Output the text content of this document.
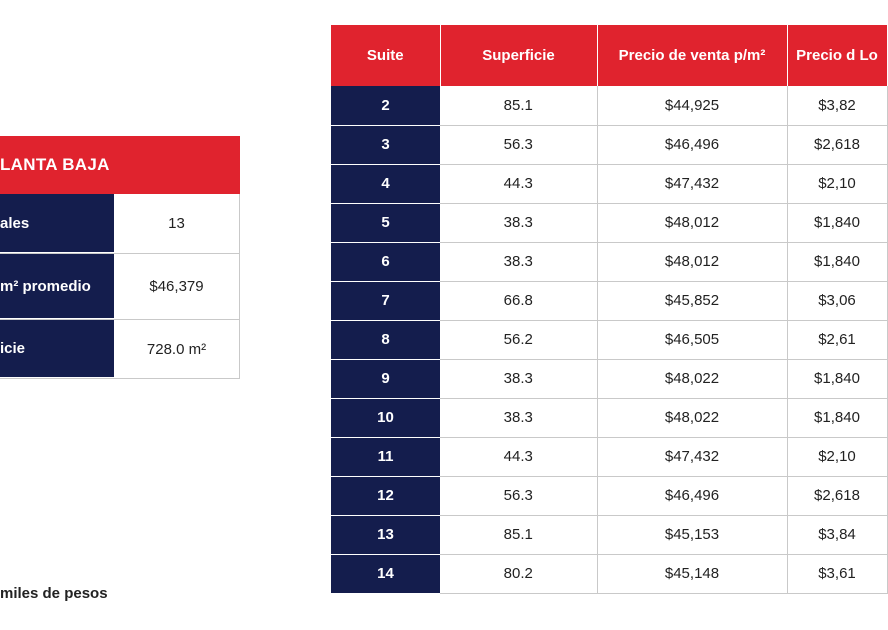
LANTA BAJA
ales	13
m² promedio	$46,379
icie	728.0 m²
miles de pesos
Suite	Superficie	Precio de venta p/m²	Precio d Lo
2	85.1	$44,925	$3,82
3	56.3	$46,496	$2,618
4	44.3	$47,432	$2,10
5	38.3	$48,012	$1,840
6	38.3	$48,012	$1,840
7	66.8	$45,852	$3,06
8	56.2	$46,505	$2,61
9	38.3	$48,022	$1,840
10	38.3	$48,022	$1,840
11	44.3	$47,432	$2,10
12	56.3	$46,496	$2,618
13	85.1	$45,153	$3,84
14	80.2	$45,148	$3,61
